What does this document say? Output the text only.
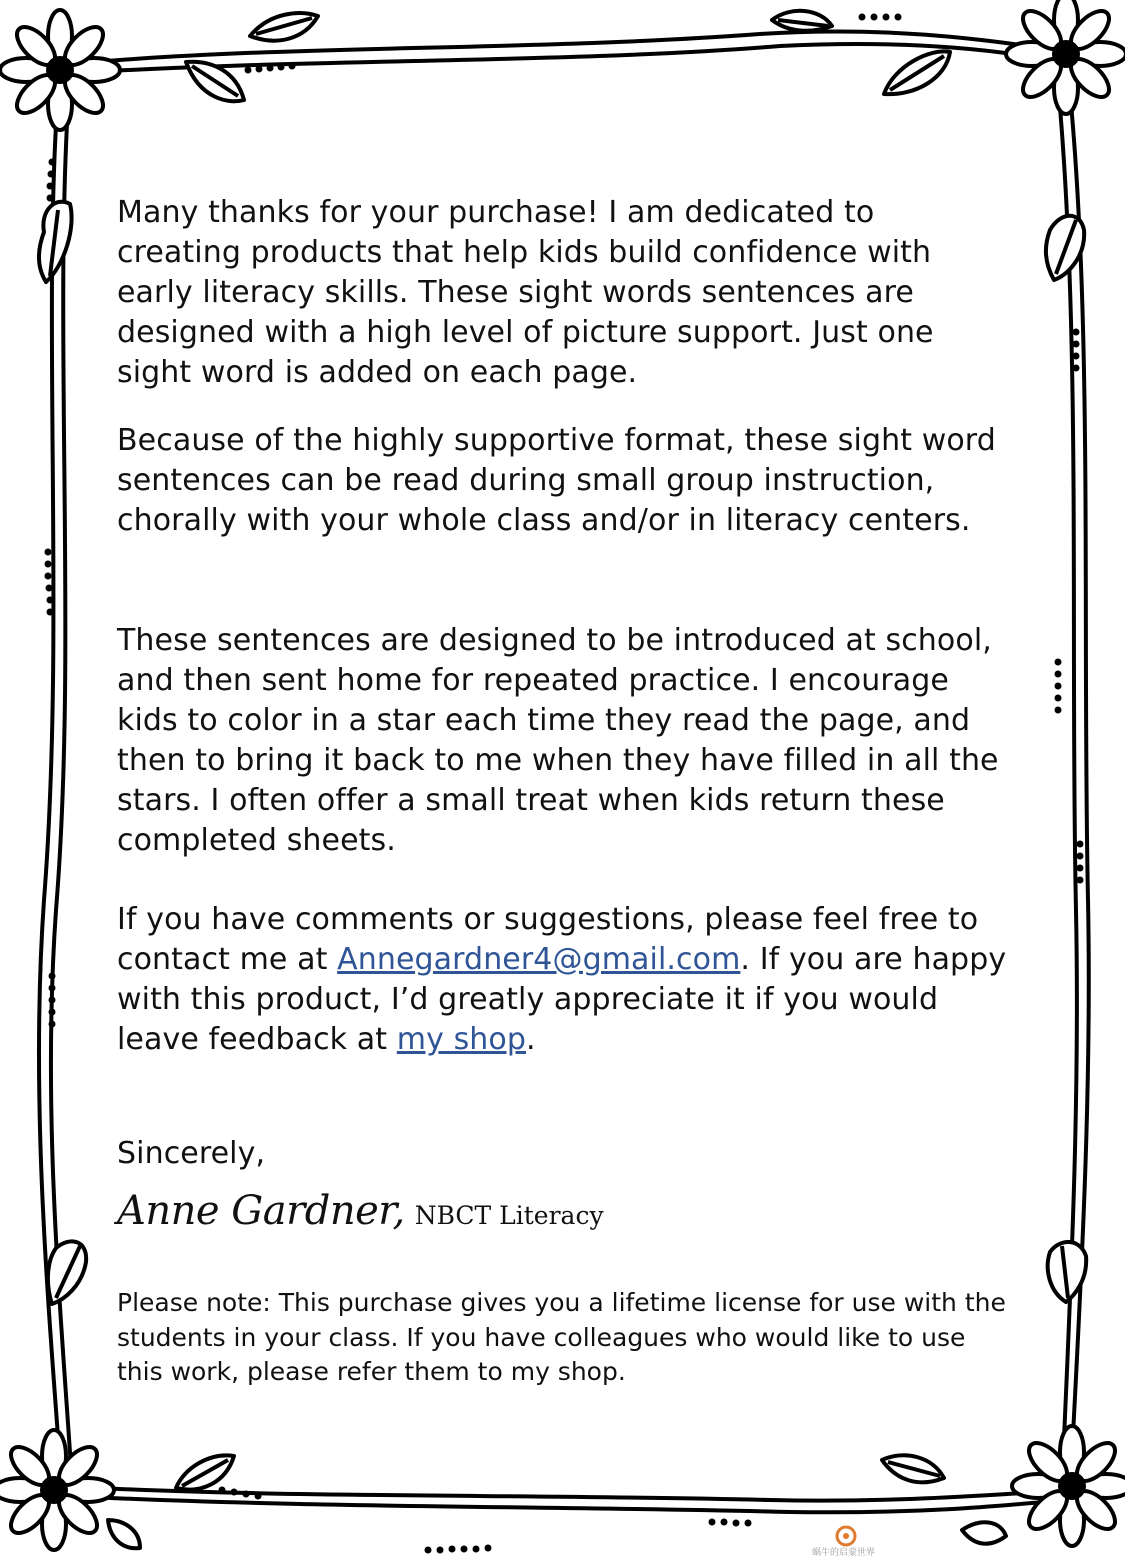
Many thanks for your purchase! I am dedicated to creating products that help kids build confidence with early literacy skills. These sight words sentences are designed with a high level of picture support. Just one sight word is added on each page.

Because of the highly supportive format, these sight word sentences can be read during small group instruction, chorally with your whole class and/or in literacy centers.

These sentences are designed to be introduced at school, and then sent home for repeated practice. I encourage kids to color in a star each time they read the page, and then to bring it back to me when they have filled in all the stars. I often offer a small treat when kids return these completed sheets.

If you have comments or suggestions, please feel free to contact me at Annegardner4@gmail.com. If you are happy with this product, I’d greatly appreciate it if you would leave feedback at my shop.

Sincerely,

Anne Gardner, NBCT Literacy

Please note: This purchase gives you a lifetime license for use with the students in your class. If you have colleagues who would like to use this work, please refer them to my shop.

蜗牛的启蒙世界
